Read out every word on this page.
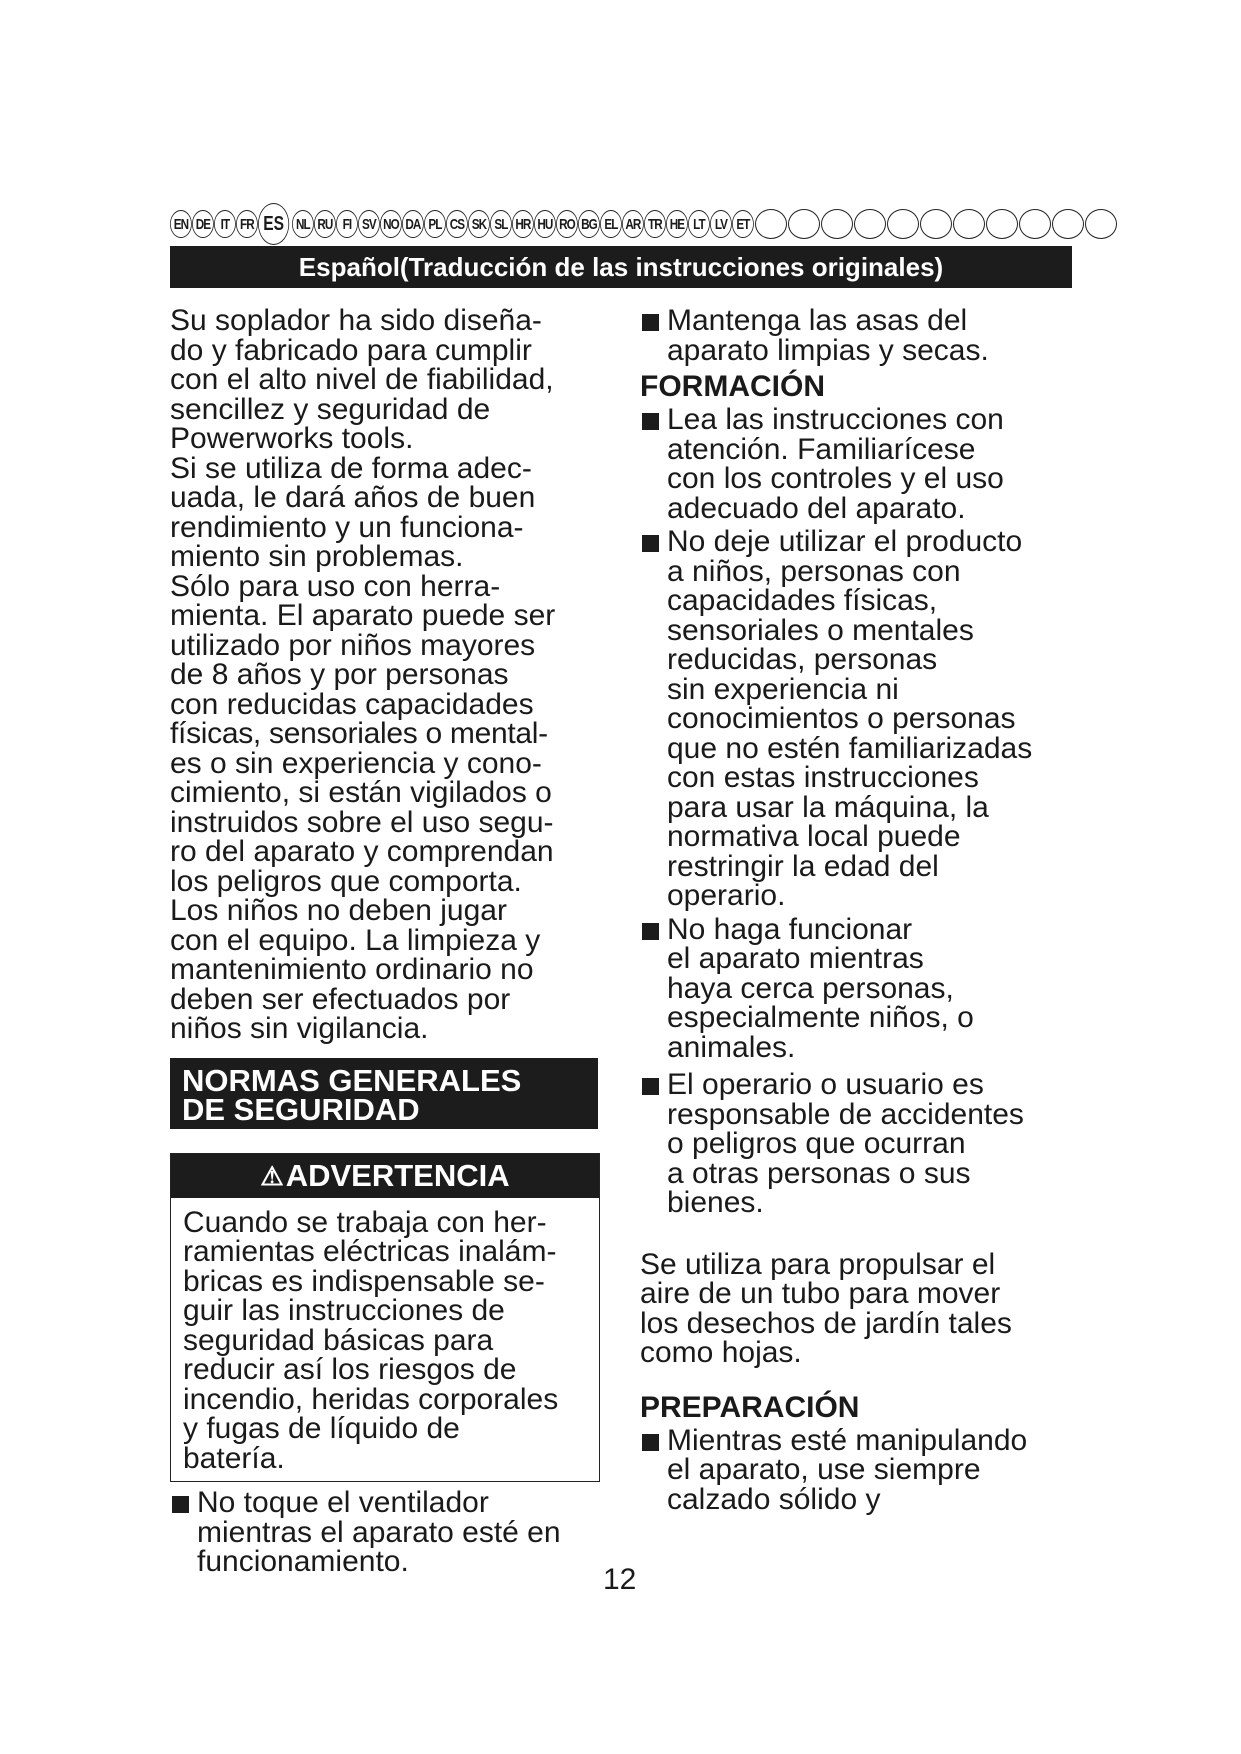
EN DE IT FR ES NL RU FI SV NO DA PL CS SK SL HR HU RO BG EL AR TR HE LT LV ET
Español(Traducción de las instrucciones originales)
Su soplador ha sido diseña-
do y fabricado para cumplir
con el alto nivel de fiabilidad,
sencillez y seguridad de
Powerworks tools.
Si se utiliza de forma adec-
uada, le dará años de buen
rendimiento y un funciona-
miento sin problemas.
Sólo para uso con herra-
mienta. El aparato puede ser
utilizado por niños mayores
de 8 años y por personas
con reducidas capacidades
físicas, sensoriales o mental-
es o sin experiencia y cono-
cimiento, si están vigilados o
instruidos sobre el uso segu-
ro del aparato y comprendan
los peligros que comporta.
Los niños no deben jugar
con el equipo. La limpieza y
mantenimiento ordinario no
deben ser efectuados por
niños sin vigilancia.
NORMAS GENERALES
DE SEGURIDAD
⚠ADVERTENCIA
Cuando se trabaja con her-
ramientas eléctricas inalám-
bricas es indispensable se-
guir las instrucciones de
seguridad básicas para
reducir así los riesgos de
incendio, heridas corporales
y fugas de líquido de
batería.
No toque el ventilador
mientras el aparato esté en
funcionamiento.
Mantenga las asas del
aparato limpias y secas.
FORMACIÓN
Lea las instrucciones con
atención. Familiarícese
con los controles y el uso
adecuado del aparato.
No deje utilizar el producto
a niños, personas con
capacidades físicas,
sensoriales o mentales
reducidas, personas
sin experiencia ni
conocimientos o personas
que no estén familiarizadas
con estas instrucciones
para usar la máquina, la
normativa local puede
restringir la edad del
operario.
No haga funcionar
el aparato mientras
haya cerca personas,
especialmente niños, o
animales.
El operario o usuario es
responsable de accidentes
o peligros que ocurran
a otras personas o sus
bienes.
Se utiliza para propulsar el
aire de un tubo para mover
los desechos de jardín tales
como hojas.
PREPARACIÓN
Mientras esté manipulando
el aparato, use siempre
calzado sólido y
12
